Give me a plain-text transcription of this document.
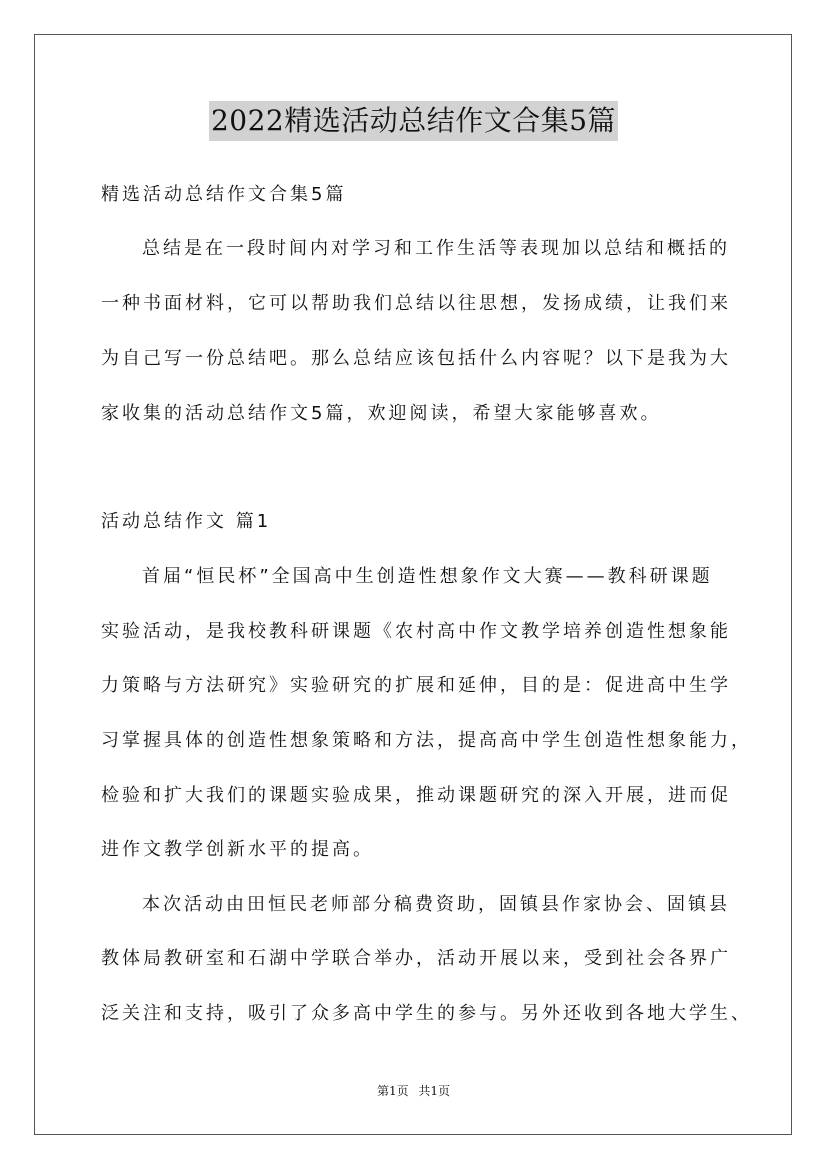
2022精选活动总结作文合集5篇
精选活动总结作文合集5篇
总结是在一段时间内对学习和工作生活等表现加以总结和概括的
一种书面材料，它可以帮助我们总结以往思想，发扬成绩，让我们来
为自己写一份总结吧。那么总结应该包括什么内容呢？以下是我为大
家收集的活动总结作文5篇，欢迎阅读，希望大家能够喜欢。
活动总结作文 篇1
首届“恒民杯”全国高中生创造性想象作文大赛——教科研课题
实验活动，是我校教科研课题《农村高中作文教学培养创造性想象能
力策略与方法研究》实验研究的扩展和延伸，目的是：促进高中生学
习掌握具体的创造性想象策略和方法，提高高中学生创造性想象能力，
检验和扩大我们的课题实验成果，推动课题研究的深入开展，进而促
进作文教学创新水平的提高。
本次活动由田恒民老师部分稿费资助，固镇县作家协会、固镇县
教体局教研室和石湖中学联合举办，活动开展以来，受到社会各界广
泛关注和支持，吸引了众多高中学生的参与。另外还收到各地大学生、
第1页 共1页
